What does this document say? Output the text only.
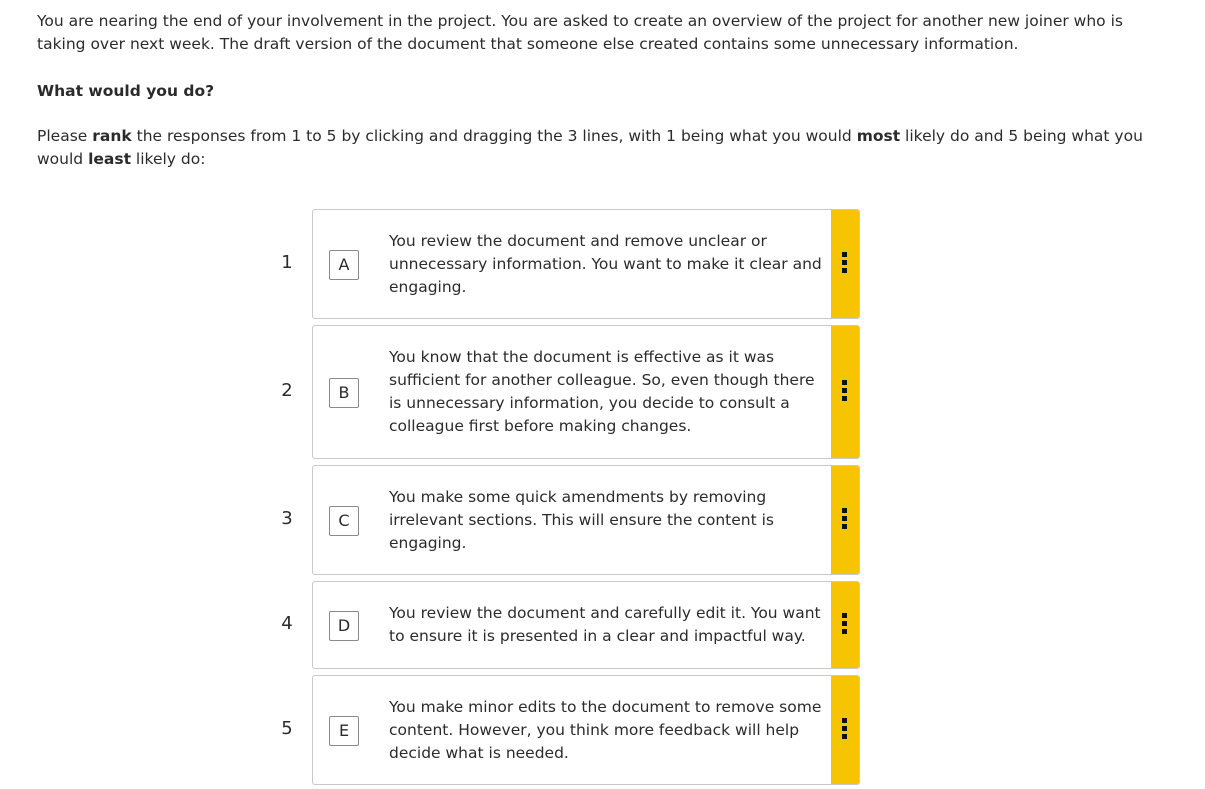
You are nearing the end of your involvement in the project. You are asked to create an overview of the project for another new joiner who is taking over next week. The draft version of the document that someone else created contains some unnecessary information.

What would you do?

Please rank the responses from 1 to 5 by clicking and dragging the 3 lines, with 1 being what you would most likely do and 5 being what you would least likely do:

1	A
You review the document and remove unclear or unnecessary information. You want to make it clear and engaging.
2	B
You know that the document is effective as it was sufficient for another colleague. So, even though there is unnecessary information, you decide to consult a colleague first before making changes.
3	C
You make some quick amendments by removing irrelevant sections. This will ensure the content is engaging.
4	D
You review the document and carefully edit it. You want to ensure it is presented in a clear and impactful way.
5	E
You make minor edits to the document to remove some content. However, you think more feedback will help decide what is needed.
